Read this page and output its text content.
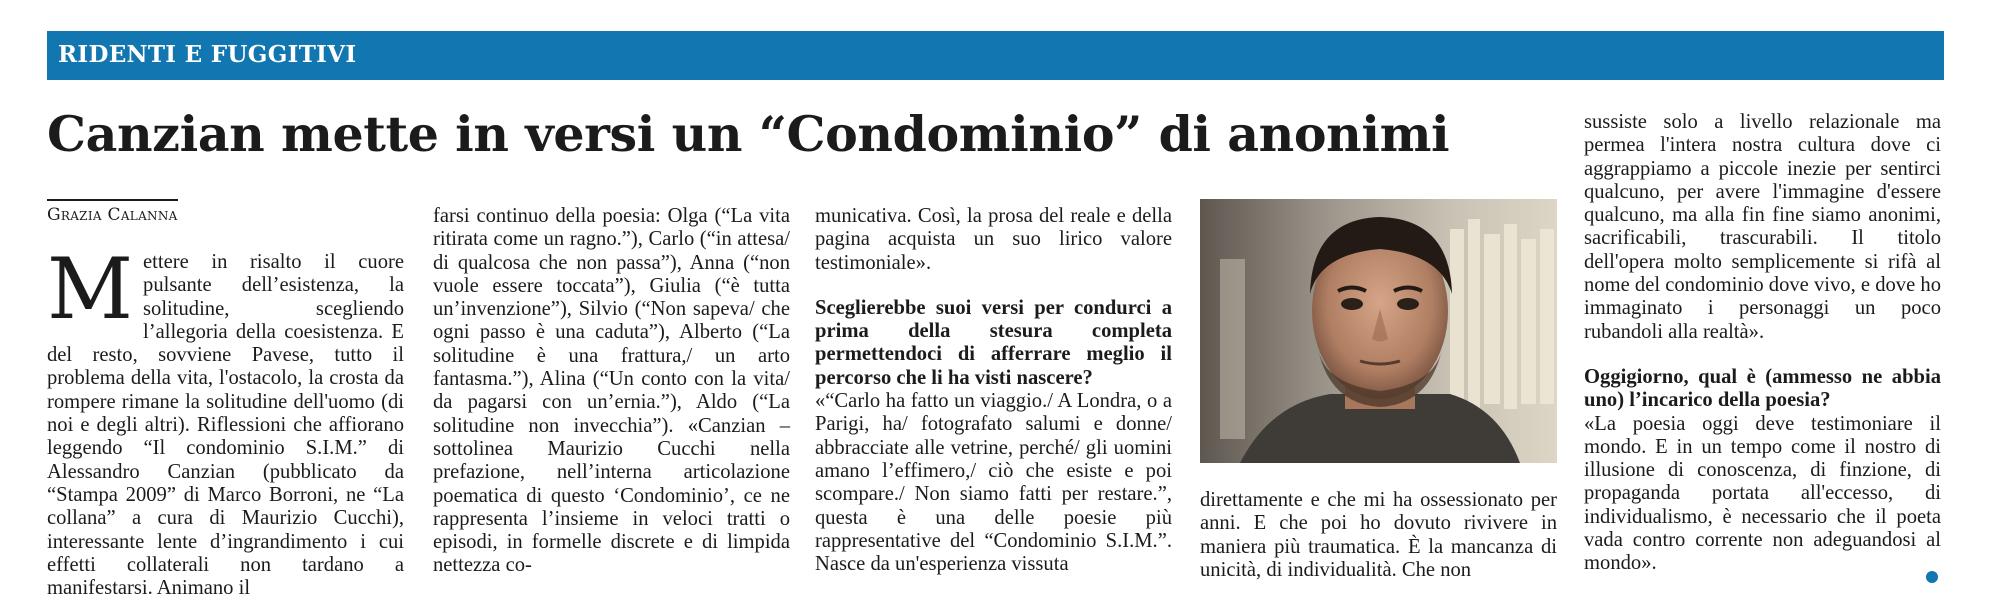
RIDENTI E FUGGITIVI
Canzian mette in versi un “Condominio” di anonimi
Grazia Calanna

Mettere in risalto il cuore pulsante dell’esistenza, la solitudine, scegliendo l’allegoria della coesistenza. E del resto, sovviene Pavese, tutto il problema della vita, l'ostacolo, la crosta da rompere rimane la solitudine dell'uomo (di noi e degli altri). Riflessioni che affiorano leggendo “Il condominio S.I.M.” di Alessandro Canzian (pubblicato da “Stampa 2009” di Marco Borroni, ne “La collana” a cura di Maurizio Cucchi), interessante lente d’ingrandimento i cui effetti collaterali non tardano a manifestarsi. Animano il

farsi continuo della poesia: Olga (“La vita ritirata come un ragno.”), Carlo (“in attesa/ di qualcosa che non passa”), Anna (“non vuole essere toccata”), Giulia (“è tutta un’invenzione”), Silvio (“Non sapeva/ che ogni passo è una caduta”), Alberto (“La solitudine è una frattura,/ un arto fantasma.”), Alina (“Un conto con la vita/ da pagarsi con un’ernia.”), Aldo (“La solitudine non invecchia”). «Canzian – sottolinea Maurizio Cucchi nella prefazione, nell’interna articolazione poematica di questo ‘Condominio’, ce ne rappresenta l’insieme in veloci tratti o episodi, in formelle discrete e di limpida nettezza co-

municativa. Così, la prosa del reale e della pagina acquista un suo lirico valore testimoniale».

Sceglierebbe suoi versi per condurci a prima della stesura completa permettendoci di afferrare meglio il percorso che li ha visti nascere?

«“Carlo ha fatto un viaggio./ A Londra, o a Parigi, ha/ fotografato salumi e donne/ abbracciate alle vetrine, perché/ gli uomini amano l’effimero,/ ciò che esiste e poi scompare./ Non siamo fatti per restare.”, questa è una delle poesie più rappresentative del “Condominio S.I.M.”. Nasce da un'esperienza vissuta

direttamente e che mi ha ossessionato per anni. E che poi ho dovuto rivivere in maniera più traumatica. È la mancanza di unicità, di individualità. Che non

sussiste solo a livello relazionale ma permea l'intera nostra cultura dove ci aggrappiamo a piccole inezie per sentirci qualcuno, per avere l'immagine d'essere qualcuno, ma alla fin fine siamo anonimi, sacrificabili, trascurabili. Il titolo dell'opera molto semplicemente si rifà al nome del condominio dove vivo, e dove ho immaginato i personaggi un poco rubandoli alla realtà».

Oggigiorno, qual è (ammesso ne abbia uno) l’incarico della poesia?

«La poesia oggi deve testimoniare il mondo. E in un tempo come il nostro di illusione di conoscenza, di finzione, di propaganda portata all'eccesso, di individualismo, è necessario che il poeta vada contro corrente non adeguandosi al mondo».
